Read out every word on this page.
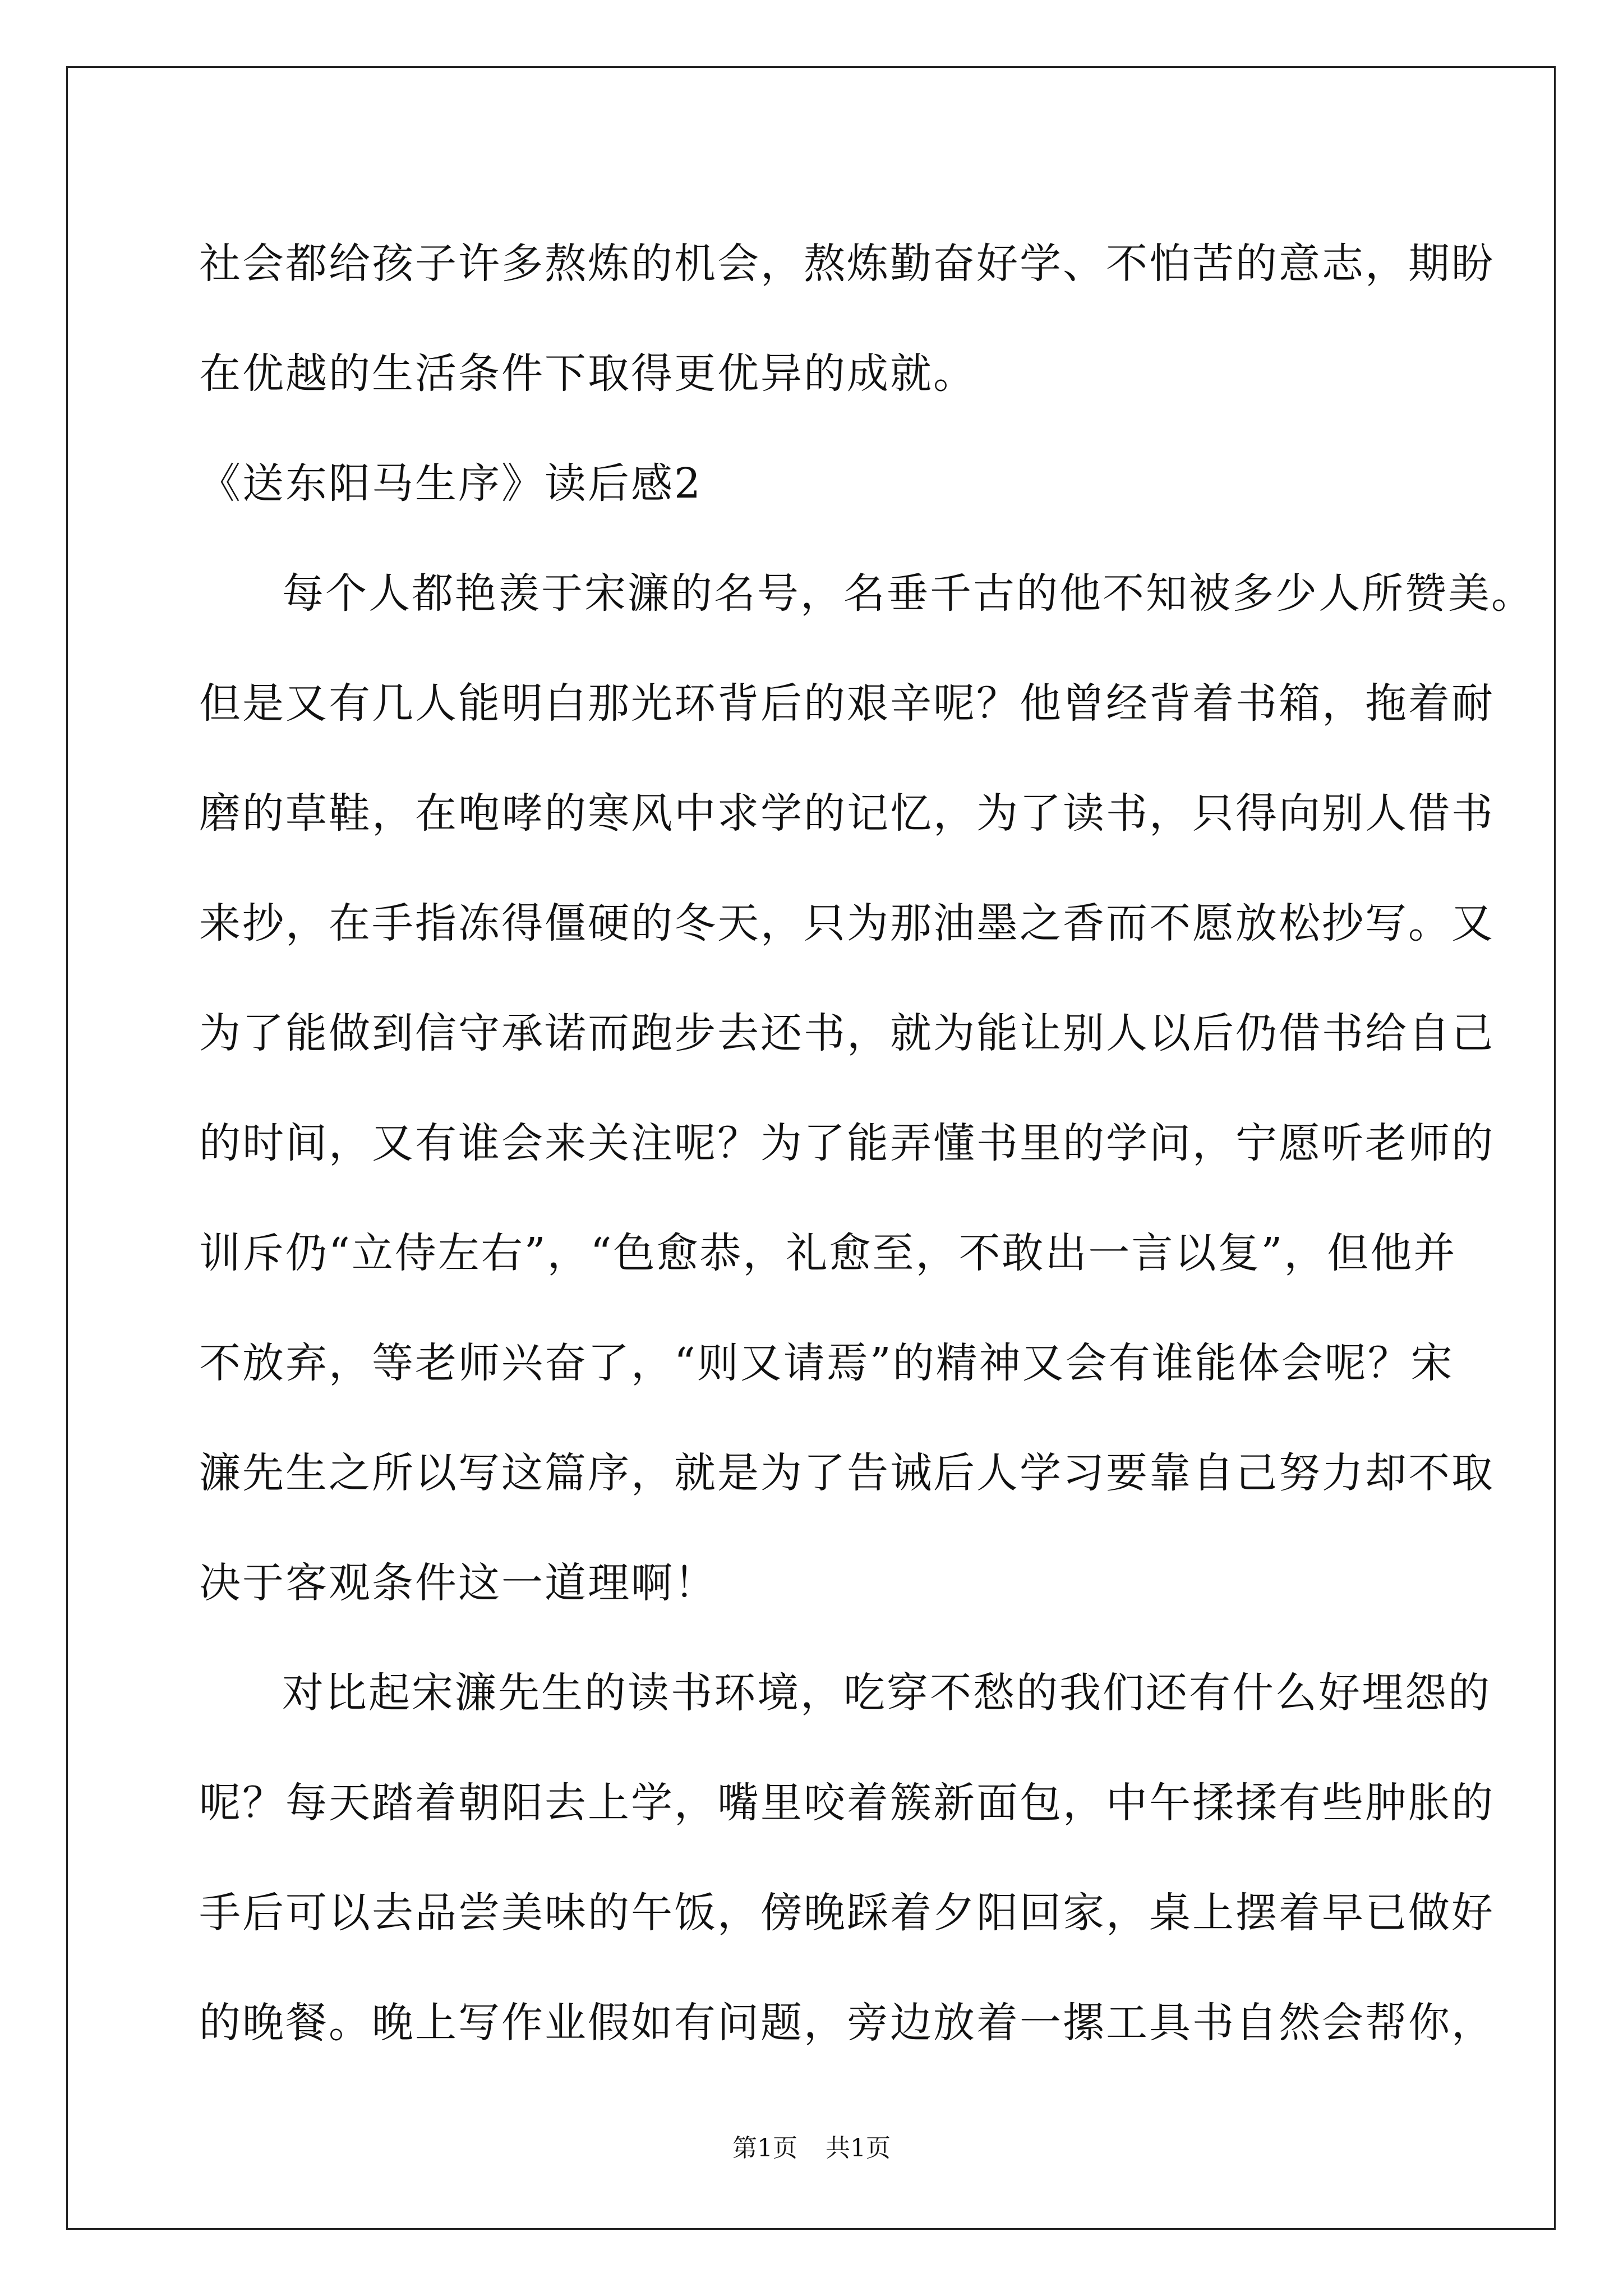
社会都给孩子许多熬炼的机会，熬炼勤奋好学、不怕苦的意志，期盼
在优越的生活条件下取得更优异的成就。
《送东阳马生序》读后感2
每个人都艳羡于宋濂的名号，名垂千古的他不知被多少人所赞美。
但是又有几人能明白那光环背后的艰辛呢？他曾经背着书箱，拖着耐
磨的草鞋，在咆哮的寒风中求学的记忆，为了读书，只得向别人借书
来抄，在手指冻得僵硬的冬天，只为那油墨之香而不愿放松抄写。又
为了能做到信守承诺而跑步去还书，就为能让别人以后仍借书给自己
的时间，又有谁会来关注呢？为了能弄懂书里的学问，宁愿听老师的
训斥仍“立侍左右”，“色愈恭，礼愈至，不敢出一言以复”，但他并
不放弃，等老师兴奋了，“则又请焉”的精神又会有谁能体会呢？宋
濂先生之所以写这篇序，就是为了告诫后人学习要靠自己努力却不取
决于客观条件这一道理啊！
对比起宋濂先生的读书环境，吃穿不愁的我们还有什么好埋怨的
呢？每天踏着朝阳去上学，嘴里咬着簇新面包，中午揉揉有些肿胀的
手后可以去品尝美味的午饭，傍晚踩着夕阳回家，桌上摆着早已做好
的晚餐。晚上写作业假如有问题，旁边放着一摞工具书自然会帮你，
第1页 共1页
